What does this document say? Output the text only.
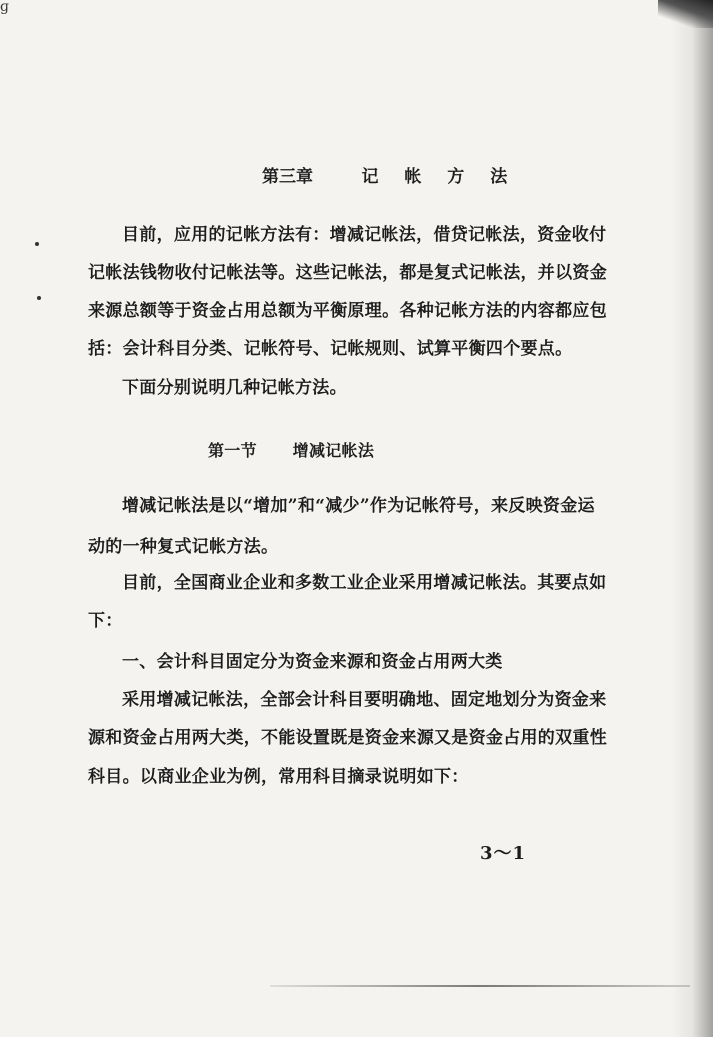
ɡ
第三章	记 帐 方 法
目前，应用的记帐方法有：增减记帐法，借贷记帐法，资金收付
记帐法钱物收付记帐法等。这些记帐法，都是复式记帐法，并以资金
来源总额等于资金占用总额为平衡原理。各种记帐方法的内容都应包
括：会计科目分类、记帐符号、记帐规则、试算平衡四个要点。
下面分别说明几种记帐方法。
第一节 增减记帐法
增减记帐法是以“增加”和“减少”作为记帐符号，来反映资金运
动的一种复式记帐方法。
目前，全国商业企业和多数工业企业采用增减记帐法。其要点如
下：
一、会计科目固定分为资金来源和资金占用两大类
采用增减记帐法，全部会计科目要明确地、固定地划分为资金来
源和资金占用两大类，不能设置既是资金来源又是资金占用的双重性
科目。以商业企业为例，常用科目摘录说明如下：
3～1
